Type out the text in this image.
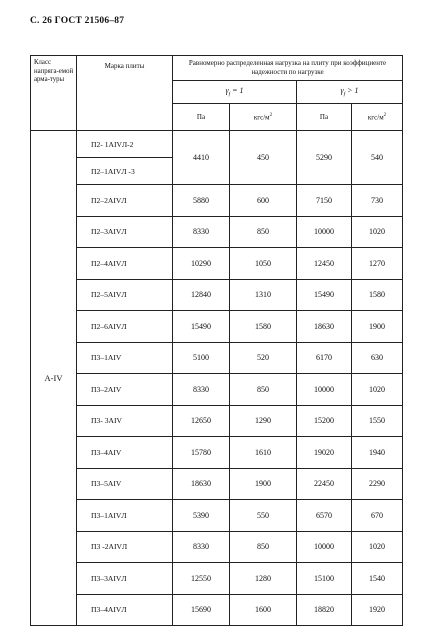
С. 26 ГОСТ 21506–87
Класс напряга-емой арма-туры	Марка плиты	Равномерно распределенная нагрузка на плиту при коэффициенте надежности по нагрузке			
		$\gamma_f = 1$		$\gamma_f > 1$	
		Па	кгс/$м^2$	Па	кгс/$м^2$
A-IV	П2- 1АIVЛ-2	4410	450	5290	540
	П2–1АIVЛ -3				
	П2–2АIVЛ	5880	600	7150	730
	П2–3АIVЛ	8330	850	10000	1020
	П2–4АIVЛ	10290	1050	12450	1270
	П2–5АIVЛ	12840	1310	15490	1580
	П2–6АIVЛ	15490	1580	18630	1900
	П3–1АIV	5100	520	6170	630
	П3–2АIV	8330	850	10000	1020
	П3- 3АIV	12650	1290	15200	1550
	П3–4АIV	15780	1610	19020	1940
	П3–5АIV	18630	1900	22450	2290
	П3–1АIVЛ	5390	550	6570	670
	П3 -2АIVЛ	8330	850	10000	1020
	П3–3АIVЛ	12550	1280	15100	1540
	П3–4АIVЛ	15690	1600	18820	1920
